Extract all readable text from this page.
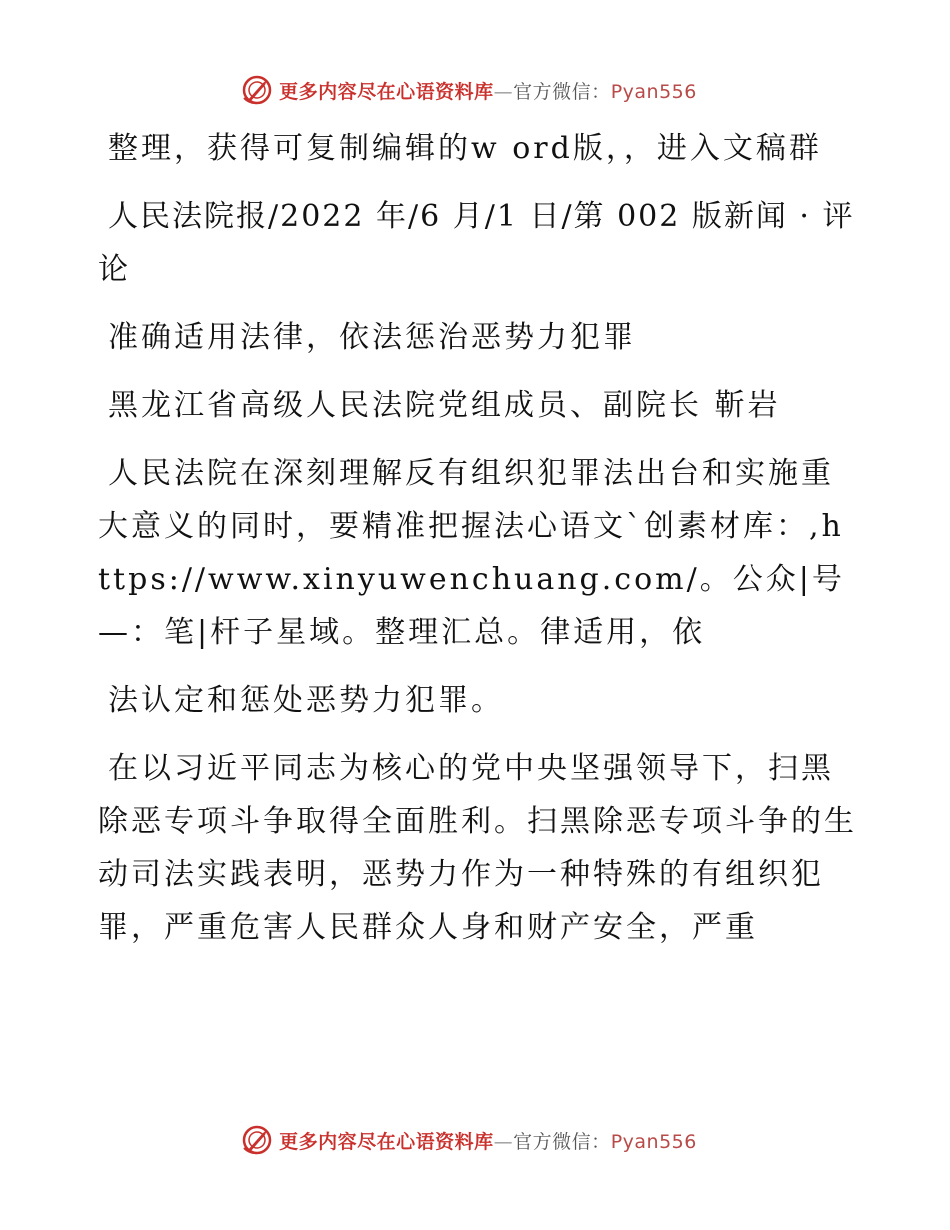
更多内容尽在心语资料库—官方微信：Pyan556

整理，获得可复制编辑的w ord版，，进入文稿群

人民法院报/2022 年/6 月/1 日/第 002 版新闻 · 评论

准确适用法律，依法惩治恶势力犯罪

黑龙江省高级人民法院党组成员、副院长 靳岩

人民法院在深刻理解反有组织犯罪法出台和实施重大意义的同时，要精准把握法心语文`创素材库：,https://www.xinyuwenchuang.com/。公众|号—：笔|杆子星域。整理汇总。律适用，依

法认定和惩处恶势力犯罪。

在以习近平同志为核心的党中央坚强领导下，扫黑除恶专项斗争取得全面胜利。扫黑除恶专项斗争的生动司法实践表明，恶势力作为一种特殊的有组织犯罪，严重危害人民群众人身和财产安全，严重

更多内容尽在心语资料库—官方微信：Pyan556
